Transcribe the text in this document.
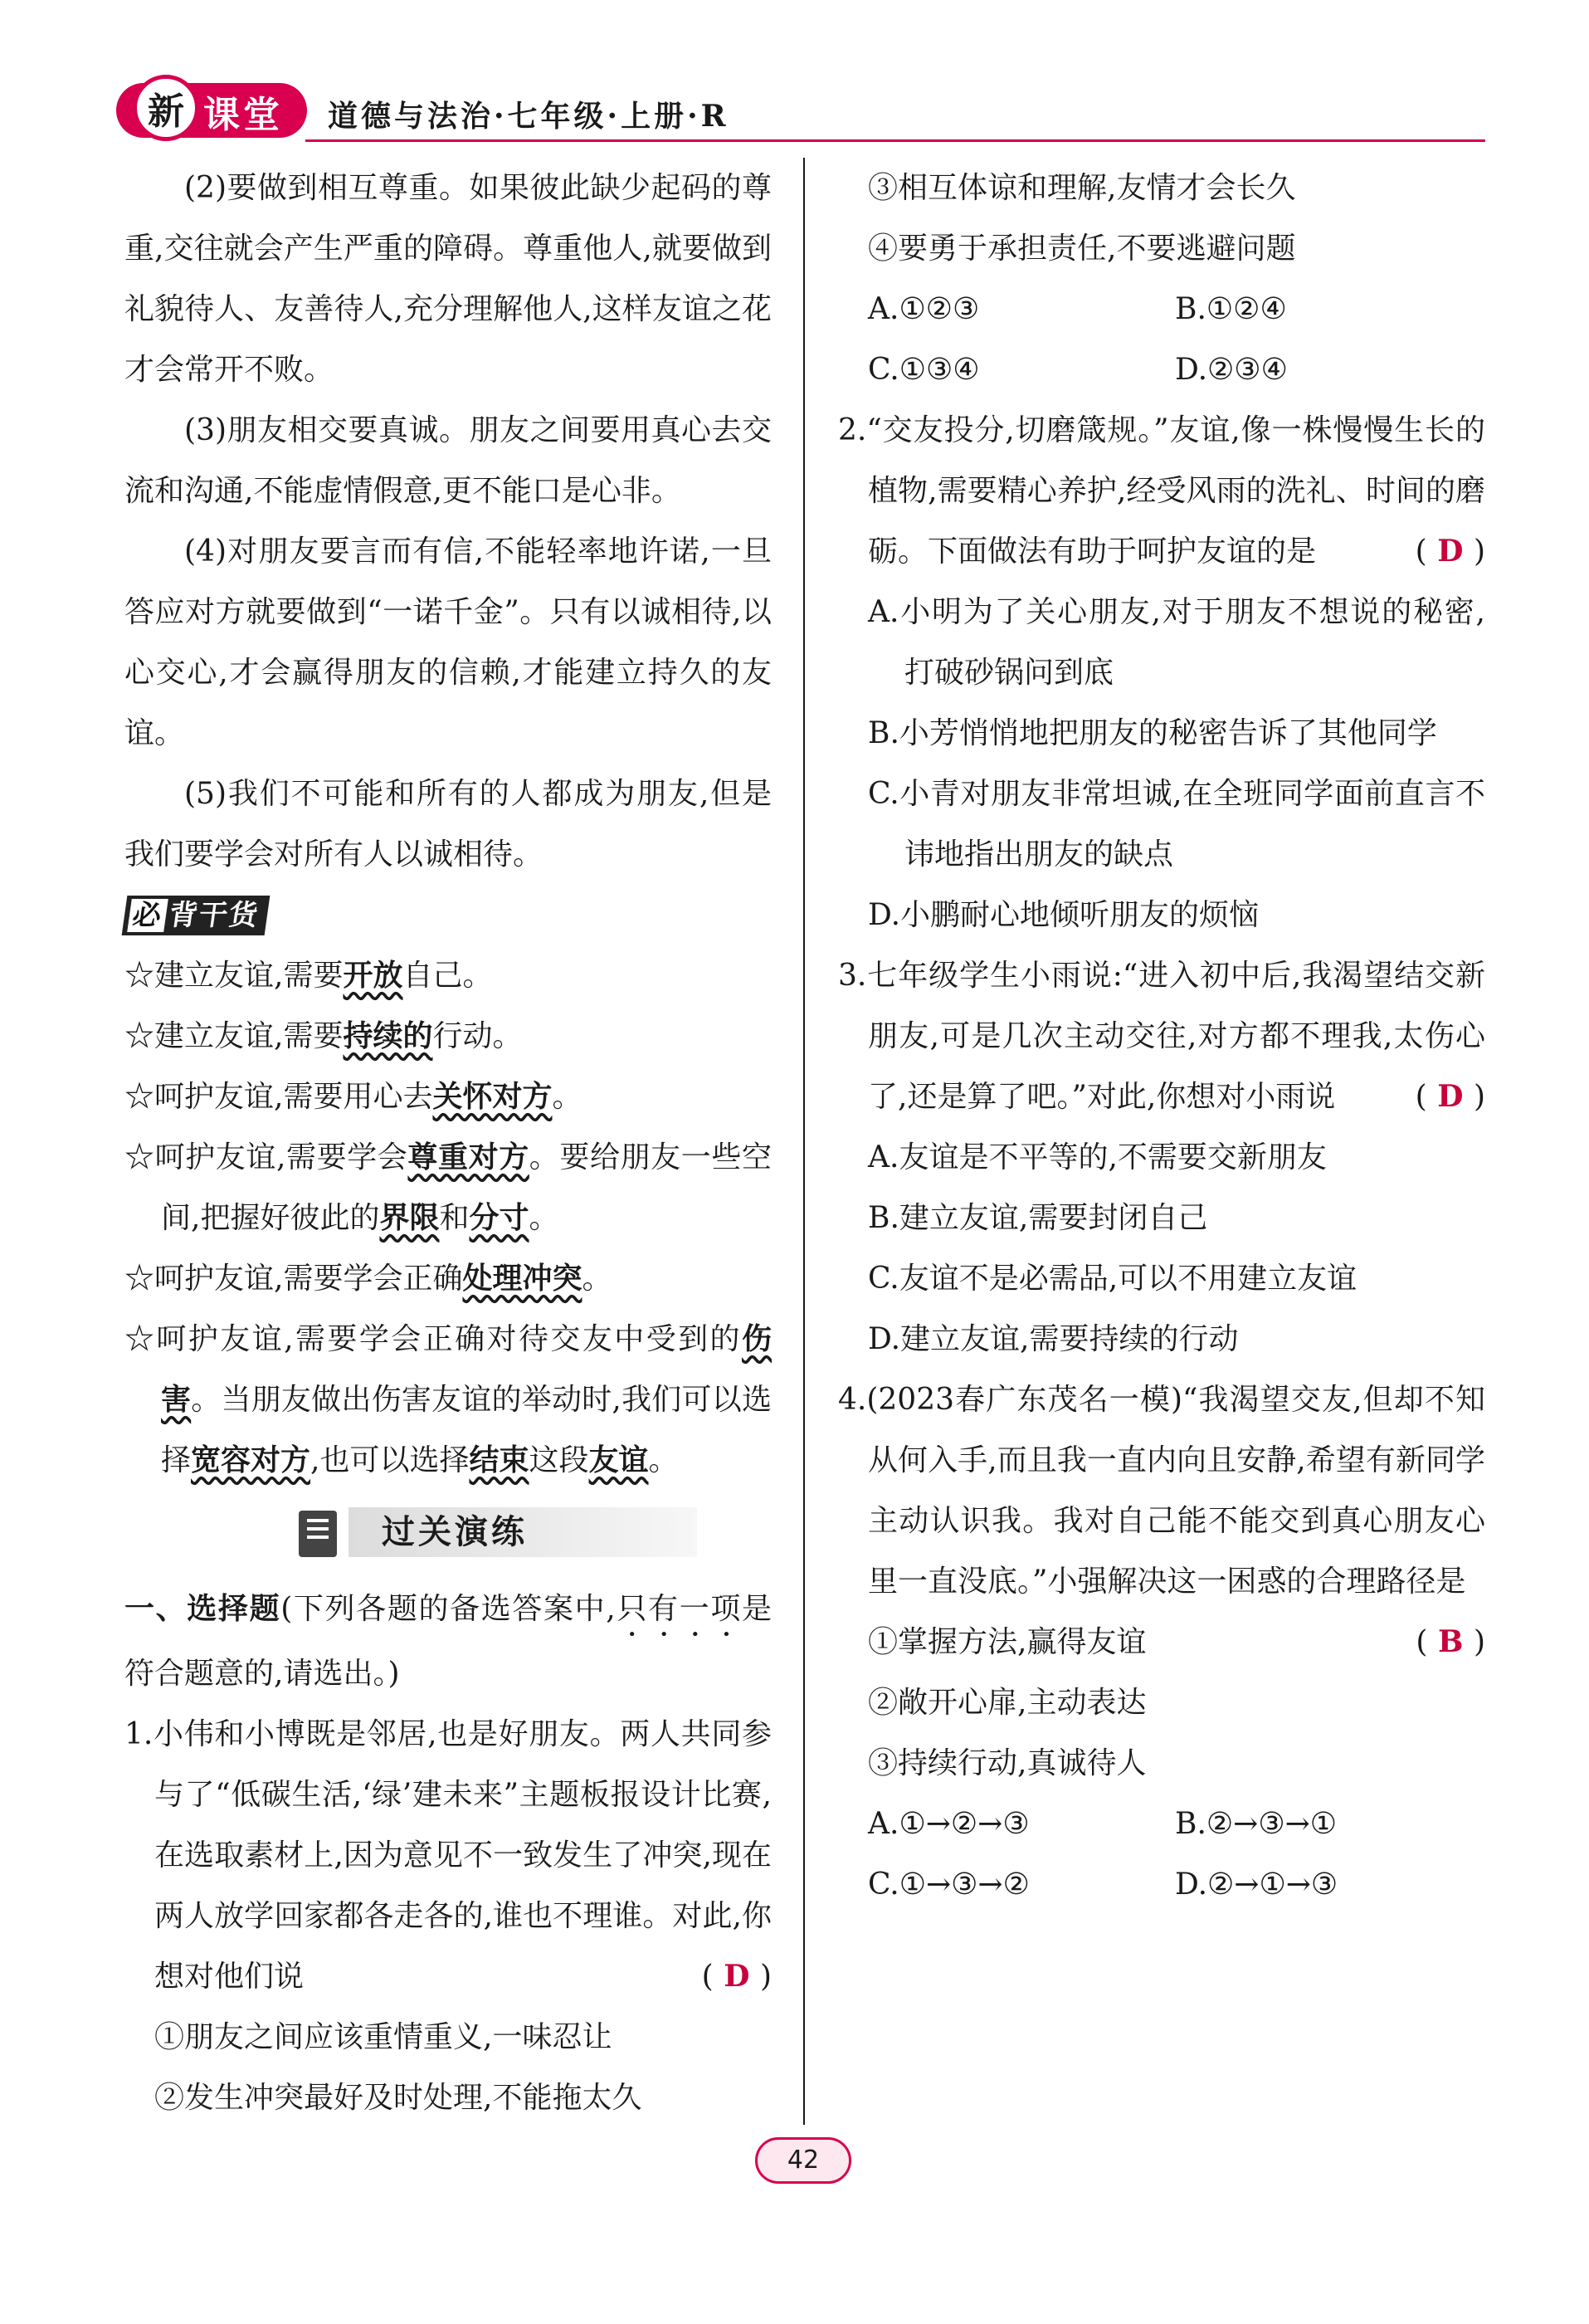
新 课堂 道德与法治·七年级·上册·R

(2)要做到相互尊重。如果彼此缺少起码的尊重,交往就会产生严重的障碍。尊重他人,就要做到礼貌待人、友善待人,充分理解他人,这样友谊之花才会常开不败。

(3)朋友相交要真诚。朋友之间要用真心去交流和沟通,不能虚情假意,更不能口是心非。

(4)对朋友要言而有信,不能轻率地许诺,一旦答应对方就要做到“一诺千金”。只有以诚相待,以心交心,才会赢得朋友的信赖,才能建立持久的友谊。

(5)我们不可能和所有的人都成为朋友,但是我们要学会对所有人以诚相待。

必背干货

☆建立友谊,需要开放自己。

☆建立友谊,需要持续的行动。

☆呵护友谊,需要用心去关怀对方。

☆呵护友谊,需要学会尊重对方。要给朋友一些空间,把握好彼此的界限和分寸。

☆呵护友谊,需要学会正确处理冲突。

☆呵护友谊,需要学会正确对待交友中受到的伤害。当朋友做出伤害友谊的举动时,我们可以选择宽容对方,也可以选择结束这段友谊。

过关演练

一、选择题(下列各题的备选答案中,只有一项是符合题意的,请选出。)

1.小伟和小博既是邻居,也是好朋友。两人共同参与了“低碳生活,‘绿’建未来”主题板报设计比赛,在选取素材上,因为意见不一致发生了冲突,现在两人放学回家都各走各的,谁也不理谁。对此,你想对他们说	( D )

①朋友之间应该重情重义,一味忍让

②发生冲突最好及时处理,不能拖太久

③相互体谅和理解,友情才会长久

④要勇于承担责任,不要逃避问题

A.①②③	B.①②④
C.①③④	D.②③④

2.“交友投分,切磨箴规。”友谊,像一株慢慢生长的植物,需要精心养护,经受风雨的洗礼、时间的磨砺。下面做法有助于呵护友谊的是	( D )

A.小明为了关心朋友,对于朋友不想说的秘密,打破砂锅问到底

B.小芳悄悄地把朋友的秘密告诉了其他同学

C.小青对朋友非常坦诚,在全班同学面前直言不讳地指出朋友的缺点

D.小鹏耐心地倾听朋友的烦恼

3.七年级学生小雨说:“进入初中后,我渴望结交新朋友,可是几次主动交往,对方都不理我,太伤心了,还是算了吧。”对此,你想对小雨说	( D )

A.友谊是不平等的,不需要交新朋友

B.建立友谊,需要封闭自己

C.友谊不是必需品,可以不用建立友谊

D.建立友谊,需要持续的行动

4.(2023春广东茂名一模)“我渴望交友,但却不知从何入手,而且我一直内向且安静,希望有新同学主动认识我。我对自己能不能交到真心朋友心里一直没底。”小强解决这一困惑的合理路径是
( B )

①掌握方法,赢得友谊

②敞开心扉,主动表达

③持续行动,真诚待人

A.①→②→③	B.②→③→①
C.①→③→②	D.②→①→③
42
